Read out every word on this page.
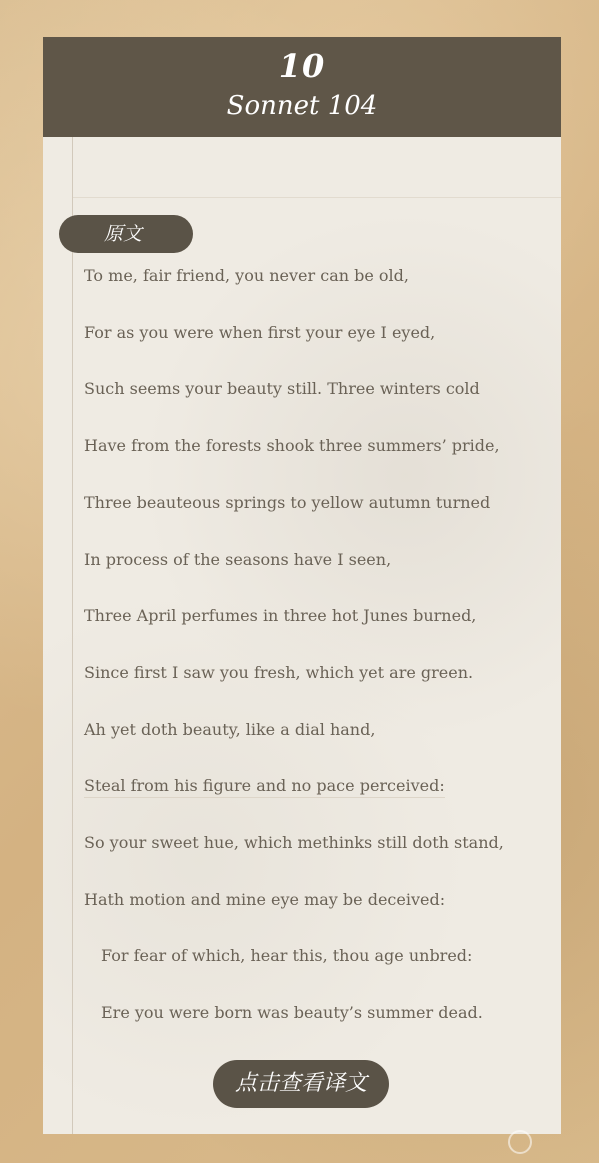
10
Sonnet 104
原文
To me, fair friend, you never can be old,
For as you were when first your eye I eyed,
Such seems your beauty still. Three winters cold
Have from the forests shook three summers’ pride,
Three beauteous springs to yellow autumn turned
In process of the seasons have I seen,
Three April perfumes in three hot Junes burned,
Since first I saw you fresh, which yet are green.
Ah yet doth beauty, like a dial hand,
Steal from his figure and no pace perceived:
So your sweet hue, which methinks still doth stand,
Hath motion and mine eye may be deceived:
For fear of which, hear this, thou age unbred:
Ere you were born was beauty’s summer dead.
点击查看译文
